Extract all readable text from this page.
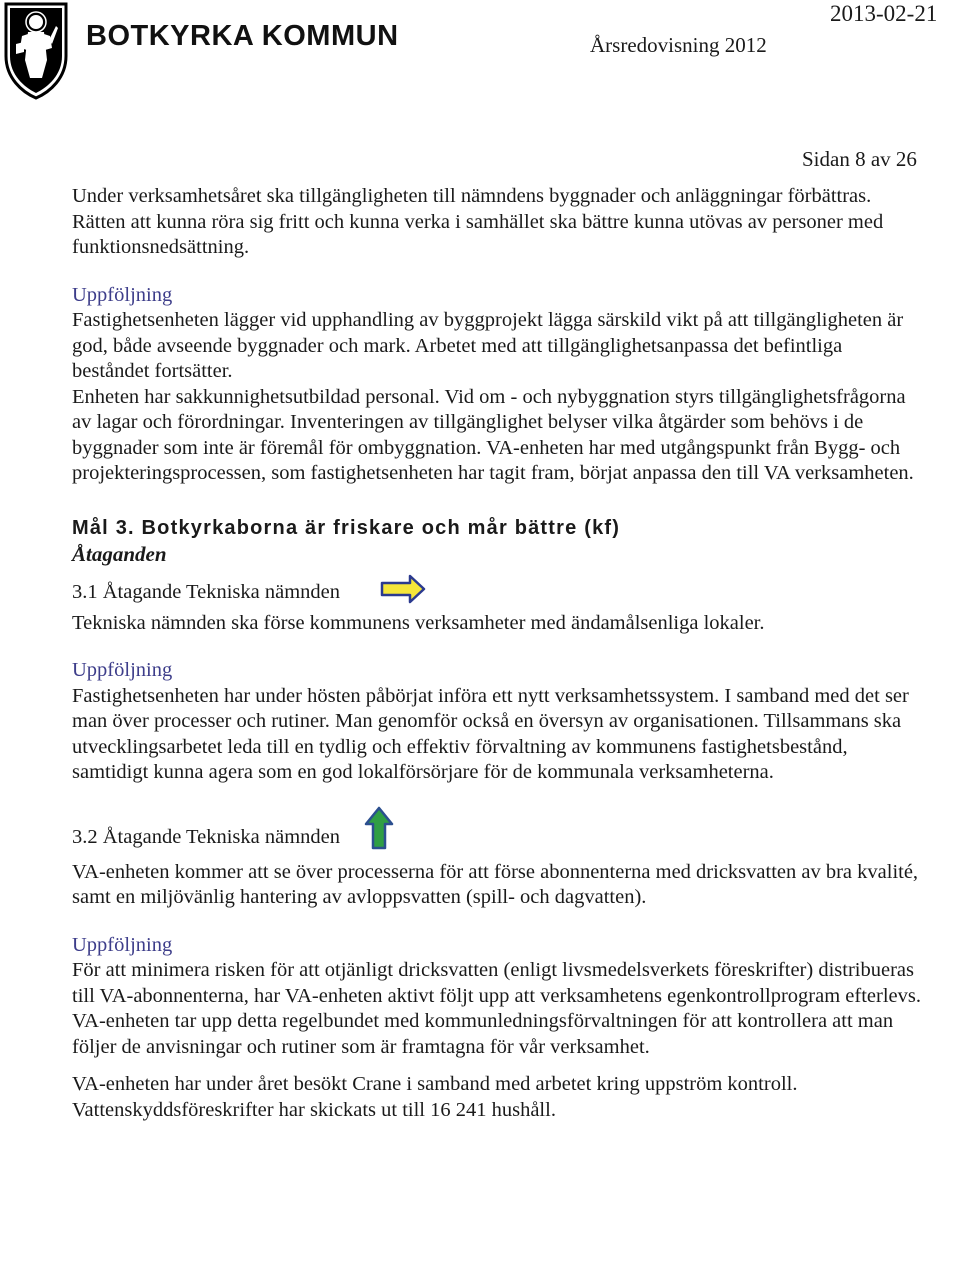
BOTKYRKA KOMMUN	Årsredovisning 2012
2013-02-21
Sidan 8 av 26

Under verksamhetsåret ska tillgängligheten till nämndens byggnader och anläggningar förbättras. Rätten att kunna röra sig fritt och kunna verka i samhället ska bättre kunna utövas av personer med funktionsnedsättning.

Uppföljning

Fastighetsenheten lägger vid upphandling av byggprojekt lägga särskild vikt på att tillgängligheten är god, både avseende byggnader och mark. Arbetet med att tillgänglighetsanpassa det befintliga beståndet fortsätter.

Enheten har sakkunnighetsutbildad personal. Vid om - och nybyggnation styrs tillgänglighetsfrågorna av lagar och förordningar. Inventeringen av tillgänglighet belyser vilka åtgärder som behövs i de byggnader som inte är föremål för ombyggnation. VA-enheten har med utgångspunkt från Bygg- och projekteringsprocessen, som fastighetsenheten har tagit fram, börjat anpassa den till VA verksamheten.

Mål 3. Botkyrkaborna är friskare och mår bättre (kf)

Åtaganden

3.1 Åtagande Tekniska nämnden

Tekniska nämnden ska förse kommunens verksamheter med ändamålsenliga lokaler.

Uppföljning

Fastighetsenheten har under hösten påbörjat införa ett nytt verksamhetssystem. I samband med det ser man över processer och rutiner. Man genomför också en översyn av organisationen. Tillsammans ska utvecklingsarbetet leda till en tydlig och effektiv förvaltning av kommunens fastighetsbestånd, samtidigt kunna agera som en god lokalförsörjare för de kommunala verksamheterna.

3.2 Åtagande Tekniska nämnden

VA-enheten kommer att se över processerna för att förse abonnenterna med dricksvatten av bra kvalité, samt en miljövänlig hantering av avloppsvatten (spill- och dagvatten).

Uppföljning

För att minimera risken för att otjänligt dricksvatten (enligt livsmedelsverkets föreskrifter) distribueras till VA-abonnenterna, har VA-enheten aktivt följt upp att verksamhetens egenkontrollprogram efterlevs. VA-enheten tar upp detta regelbundet med kommunledningsförvaltningen för att kontrollera att man följer de anvisningar och rutiner som är framtagna för vår verksamhet.

VA-enheten har under året besökt Crane i samband med arbetet kring uppström kontroll. Vattenskyddsföreskrifter har skickats ut till 16 241 hushåll.
